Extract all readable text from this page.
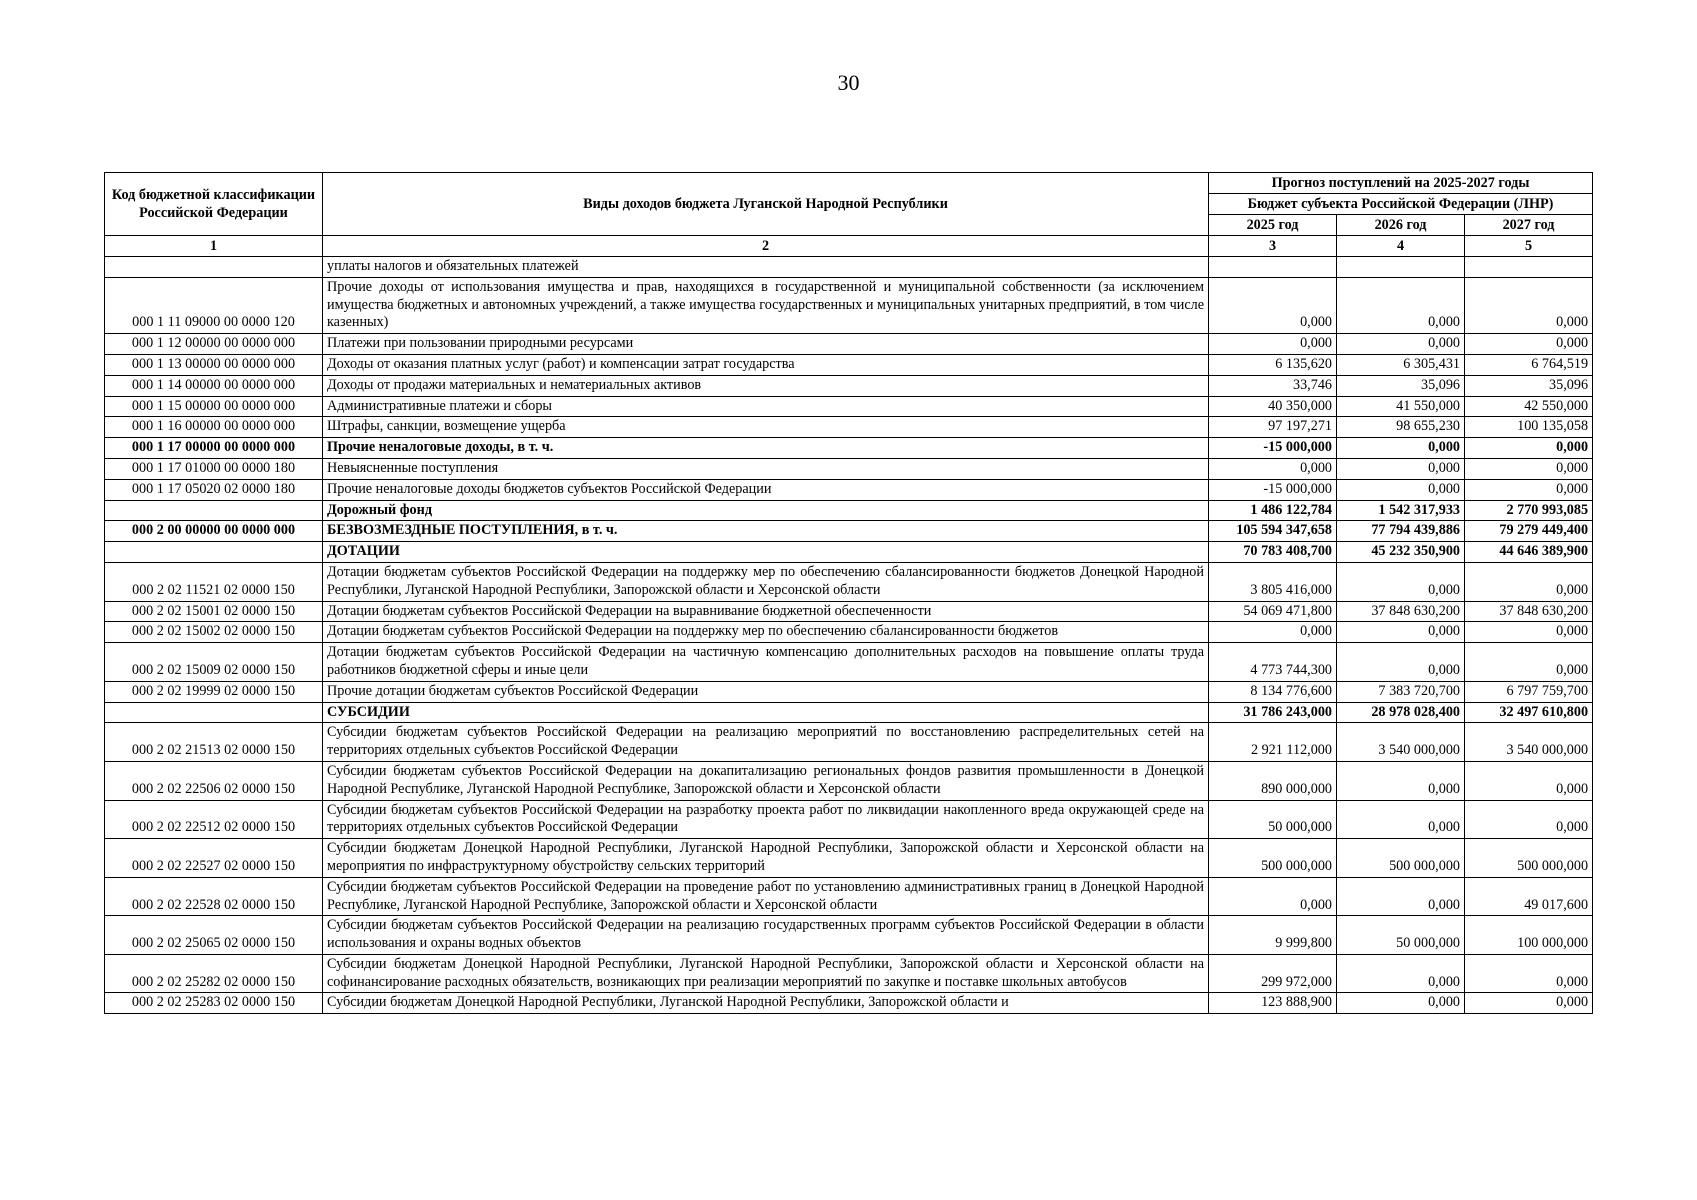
30
Код бюджетной классификации Российской Федерации	Виды доходов бюджета Луганской Народной Республики	Прогноз поступлений на 2025-2027 годы		
		Бюджет субъекта Российской Федерации (ЛНР)		
		2025 год	2026 год	2027 год
1	2	3	4	5
	уплаты налогов и обязательных платежей			
000 1 11 09000 00 0000 120	Прочие доходы от использования имущества и прав, находящихся в государственной и муниципальной собственности (за исключением имущества бюджетных и автономных учреждений, а также имущества государственных и муниципальных унитарных предприятий, в том числе казенных)	0,000	0,000	0,000
000 1 12 00000 00 0000 000	Платежи при пользовании природными ресурсами	0,000	0,000	0,000
000 1 13 00000 00 0000 000	Доходы от оказания платных услуг (работ) и компенсации затрат государства	6 135,620	6 305,431	6 764,519
000 1 14 00000 00 0000 000	Доходы от продажи материальных и нематериальных активов	33,746	35,096	35,096
000 1 15 00000 00 0000 000	Административные платежи и сборы	40 350,000	41 550,000	42 550,000
000 1 16 00000 00 0000 000	Штрафы, санкции, возмещение ущерба	97 197,271	98 655,230	100 135,058
000 1 17 00000 00 0000 000	Прочие неналоговые доходы, в т. ч.	-15 000,000	0,000	0,000
000 1 17 01000 00 0000 180	Невыясненные поступления	0,000	0,000	0,000
000 1 17 05020 02 0000 180	Прочие неналоговые доходы бюджетов субъектов Российской Федерации	-15 000,000	0,000	0,000
	Дорожный фонд	1 486 122,784	1 542 317,933	2 770 993,085
000 2 00 00000 00 0000 000	БЕЗВОЗМЕЗДНЫЕ ПОСТУПЛЕНИЯ, в т. ч.	105 594 347,658	77 794 439,886	79 279 449,400
	ДОТАЦИИ	70 783 408,700	45 232 350,900	44 646 389,900
000 2 02 11521 02 0000 150	Дотации бюджетам субъектов Российской Федерации на поддержку мер по обеспечению сбалансированности бюджетов Донецкой Народной Республики, Луганской Народной Республики, Запорожской области и Херсонской области	3 805 416,000	0,000	0,000
000 2 02 15001 02 0000 150	Дотации бюджетам субъектов Российской Федерации на выравнивание бюджетной обеспеченности	54 069 471,800	37 848 630,200	37 848 630,200
000 2 02 15002 02 0000 150	Дотации бюджетам субъектов Российской Федерации на поддержку мер по обеспечению сбалансированности бюджетов	0,000	0,000	0,000
000 2 02 15009 02 0000 150	Дотации бюджетам субъектов Российской Федерации на частичную компенсацию дополнительных расходов на повышение оплаты труда работников бюджетной сферы и иные цели	4 773 744,300	0,000	0,000
000 2 02 19999 02 0000 150	Прочие дотации бюджетам субъектов Российской Федерации	8 134 776,600	7 383 720,700	6 797 759,700
	СУБСИДИИ	31 786 243,000	28 978 028,400	32 497 610,800
000 2 02 21513 02 0000 150	Субсидии бюджетам субъектов Российской Федерации на реализацию мероприятий по восстановлению распределительных сетей на территориях отдельных субъектов Российской Федерации	2 921 112,000	3 540 000,000	3 540 000,000
000 2 02 22506 02 0000 150	Субсидии бюджетам субъектов Российской Федерации на докапитализацию региональных фондов развития промышленности в Донецкой Народной Республике, Луганской Народной Республике, Запорожской области и Херсонской области	890 000,000	0,000	0,000
000 2 02 22512 02 0000 150	Субсидии бюджетам субъектов Российской Федерации на разработку проекта работ по ликвидации накопленного вреда окружающей среде на территориях отдельных субъектов Российской Федерации	50 000,000	0,000	0,000
000 2 02 22527 02 0000 150	Субсидии бюджетам Донецкой Народной Республики, Луганской Народной Республики, Запорожской области и Херсонской области на мероприятия по инфраструктурному обустройству сельских территорий	500 000,000	500 000,000	500 000,000
000 2 02 22528 02 0000 150	Субсидии бюджетам субъектов Российской Федерации на проведение работ по установлению административных границ в Донецкой Народной Республике, Луганской Народной Республике, Запорожской области и Херсонской области	0,000	0,000	49 017,600
000 2 02 25065 02 0000 150	Субсидии бюджетам субъектов Российской Федерации на реализацию государственных программ субъектов Российской Федерации в области использования и охраны водных объектов	9 999,800	50 000,000	100 000,000
000 2 02 25282 02 0000 150	Субсидии бюджетам Донецкой Народной Республики, Луганской Народной Республики, Запорожской области и Херсонской области на софинансирование расходных обязательств, возникающих при реализации мероприятий по закупке и поставке школьных автобусов	299 972,000	0,000	0,000
000 2 02 25283 02 0000 150	Субсидии бюджетам Донецкой Народной Республики, Луганской Народной Республики, Запорожской области и	123 888,900	0,000	0,000
